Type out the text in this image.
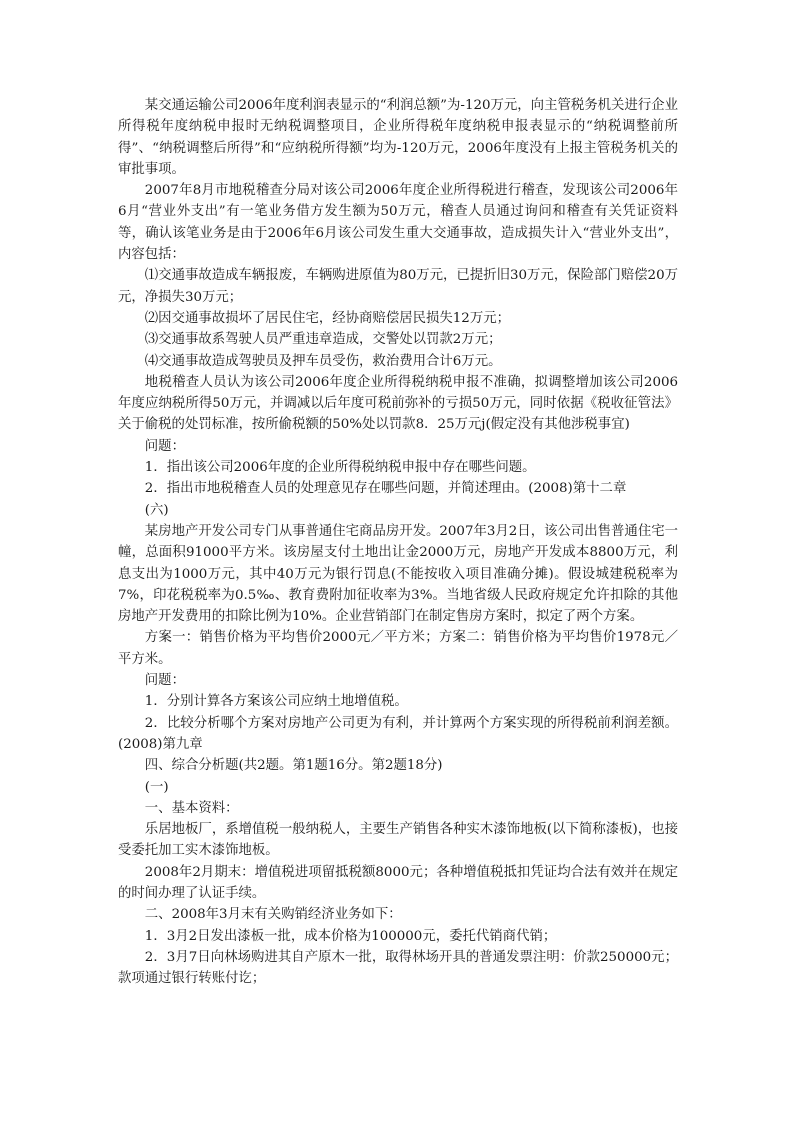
某交通运输公司2006年度利润表显示的“利润总额”为-120万元，向主管税务机关进行企业所得税年度纳税申报时无纳税调整项目，企业所得税年度纳税申报表显示的“纳税调整前所得”、“纳税调整后所得”和“应纳税所得额”均为-120万元，2006年度没有上报主管税务机关的审批事项。

2007年8月市地税稽查分局对该公司2006年度企业所得税进行稽查，发现该公司2006年6月“营业外支出”有一笔业务借方发生额为50万元，稽查人员通过询问和稽查有关凭证资料等，确认该笔业务是由于2006年6月该公司发生重大交通事故，造成损失计入“营业外支出”，内容包括：

⑴交通事故造成车辆报废，车辆购进原值为80万元，已提折旧30万元，保险部门赔偿20万元，净损失30万元；

⑵因交通事故损坏了居民住宅，经协商赔偿居民损失12万元；

⑶交通事故系驾驶人员严重违章造成，交警处以罚款2万元；

⑷交通事故造成驾驶员及押车员受伤，救治费用合计6万元。

地税稽查人员认为该公司2006年度企业所得税纳税申报不准确，拟调整增加该公司2006年度应纳税所得50万元，并调减以后年度可税前弥补的亏损50万元，同时依据《税收征管法》关于偷税的处罚标准，按所偷税额的50%处以罚款8．25万元j(假定没有其他涉税事宜)

问题：

1．指出该公司2006年度的企业所得税纳税申报中存在哪些问题。

2．指出市地税稽查人员的处理意见存在哪些问题，并简述理由。(2008)第十二章

(六)

某房地产开发公司专门从事普通住宅商品房开发。2007年3月2日，该公司出售普通住宅一幢，总面积91000平方米。该房屋支付土地出让金2000万元，房地产开发成本8800万元，利息支出为1000万元，其中40万元为银行罚息(不能按收入项目准确分摊)。假设城建税税率为7%，印花税税率为0.5‰、教育费附加征收率为3%。当地省级人民政府规定允许扣除的其他房地产开发费用的扣除比例为10%。企业营销部门在制定售房方案时，拟定了两个方案。

方案一：销售价格为平均售价2000元／平方米；方案二：销售价格为平均售价1978元／平方米。

问题：

1．分别计算各方案该公司应纳土地增值税。

2．比较分析哪个方案对房地产公司更为有利，并计算两个方案实现的所得税前利润差额。(2008)第九章

四、综合分析题(共2题。第1题16分。第2题18分)

(一)

一、基本资料：

乐居地板厂，系增值税一般纳税人，主要生产销售各种实木漆饰地板(以下简称漆板)，也接受委托加工实木漆饰地板。

2008年2月期末：增值税进项留抵税额8000元；各种增值税抵扣凭证均合法有效并在规定的时间办理了认证手续。

二、2008年3月末有关购销经济业务如下：

1．3月2日发出漆板一批，成本价格为100000元，委托代销商代销；

2．3月7日向林场购进其自产原木一批，取得林场开具的普通发票注明：价款250000元；款项通过银行转账付讫；
